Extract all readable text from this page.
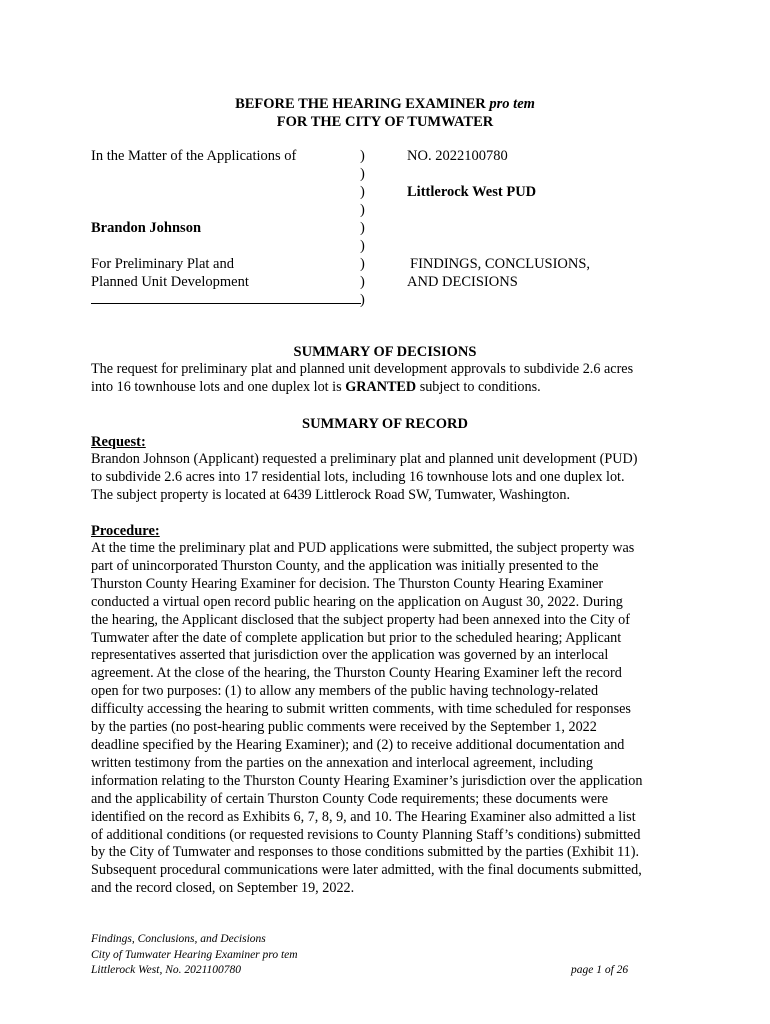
BEFORE THE HEARING EXAMINER pro tem
FOR THE CITY OF TUMWATER
In the Matter of the Applications of
Brandon Johnson
For Preliminary Plat and
Planned Unit Development
)
)
)
)
)
)
)
)
)
NO. 2022100780
Littlerock West PUD
FINDINGS, CONCLUSIONS,
AND DECISIONS
SUMMARY OF DECISIONS
The request for preliminary plat and planned unit development approvals to subdivide 2.6 acres
into 16 townhouse lots and one duplex lot is GRANTED subject to conditions.
SUMMARY OF RECORD
Request:
Brandon Johnson (Applicant) requested a preliminary plat and planned unit development (PUD)
to subdivide 2.6 acres into 17 residential lots, including 16 townhouse lots and one duplex lot.
The subject property is located at 6439 Littlerock Road SW, Tumwater, Washington.
Procedure:
At the time the preliminary plat and PUD applications were submitted, the subject property was
part of unincorporated Thurston County, and the application was initially presented to the
Thurston County Hearing Examiner for decision. The Thurston County Hearing Examiner
conducted a virtual open record public hearing on the application on August 30, 2022. During
the hearing, the Applicant disclosed that the subject property had been annexed into the City of
Tumwater after the date of complete application but prior to the scheduled hearing; Applicant
representatives asserted that jurisdiction over the application was governed by an interlocal
agreement. At the close of the hearing, the Thurston County Hearing Examiner left the record
open for two purposes: (1) to allow any members of the public having technology-related
difficulty accessing the hearing to submit written comments, with time scheduled for responses
by the parties (no post-hearing public comments were received by the September 1, 2022
deadline specified by the Hearing Examiner); and (2) to receive additional documentation and
written testimony from the parties on the annexation and interlocal agreement, including
information relating to the Thurston County Hearing Examiner’s jurisdiction over the application
and the applicability of certain Thurston County Code requirements; these documents were
identified on the record as Exhibits 6, 7, 8, 9, and 10. The Hearing Examiner also admitted a list
of additional conditions (or requested revisions to County Planning Staff’s conditions) submitted
by the City of Tumwater and responses to those conditions submitted by the parties (Exhibit 11).
Subsequent procedural communications were later admitted, with the final documents submitted,
and the record closed, on September 19, 2022.
Findings, Conclusions, and Decisions
City of Tumwater Hearing Examiner pro tem
Littlerock West, No. 2021100780	page 1 of 26
